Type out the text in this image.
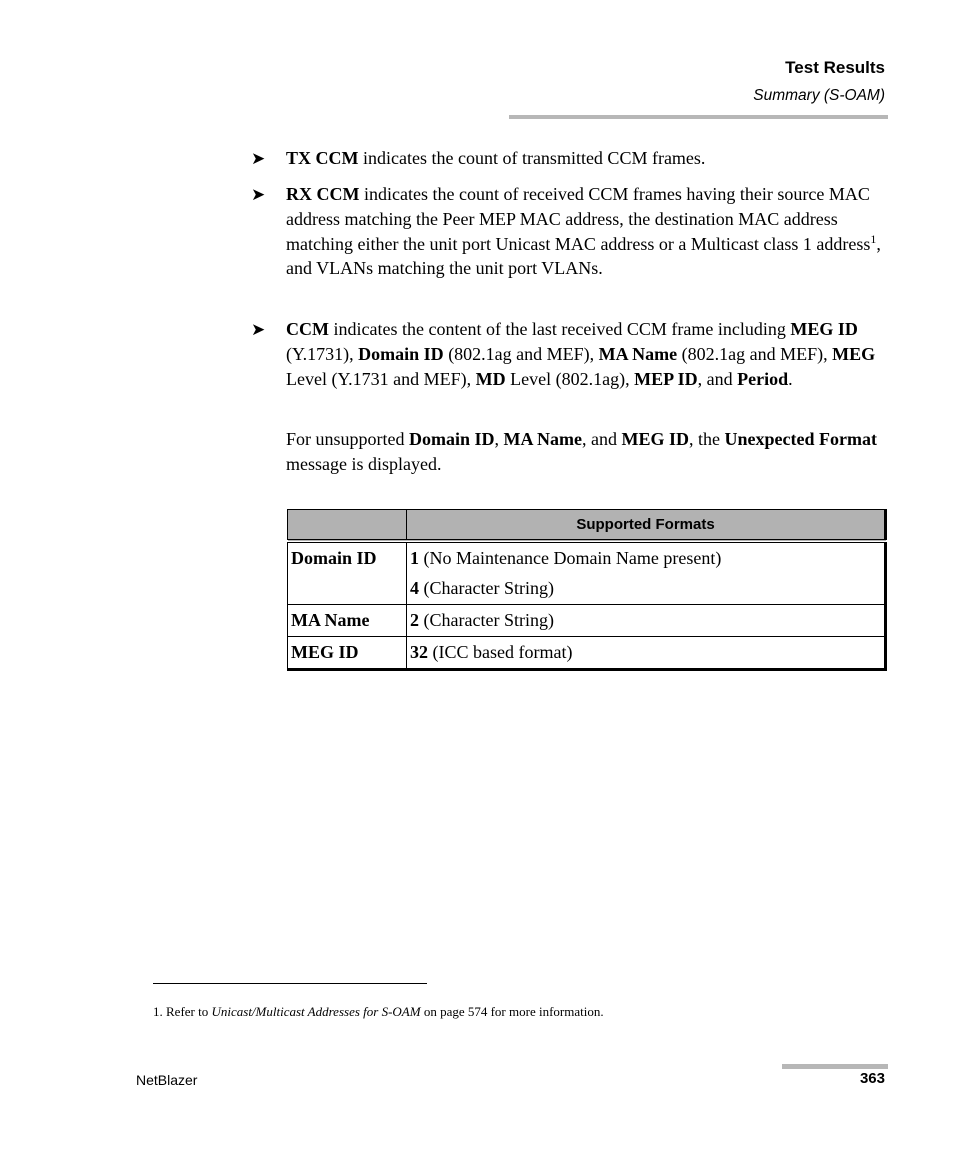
Test Results
Summary (S-OAM)
➤ TX CCM indicates the count of transmitted CCM frames.

➤ RX CCM indicates the count of received CCM frames having their source MAC address matching the Peer MEP MAC address, the destination MAC address matching either the unit port Unicast MAC address or a Multicast class 1 address$^1$, and VLANs matching the unit port VLANs.

➤ CCM indicates the content of the last received CCM frame including MEG ID (Y.1731), Domain ID (802.1ag and MEF), MA Name (802.1ag and MEF), MEG Level (Y.1731 and MEF), MD Level (802.1ag), MEP ID, and Period.

For unsupported Domain ID, MA Name, and MEG ID, the Unexpected Format message is displayed.

	Supported Formats
Domain ID	1 (No Maintenance Domain Name present)
4 (Character String)

MA Name	2 (Character String)

MEG ID	32 (ICC based format)
1. Refer to Unicast/Multicast Addresses for S-OAM on page 574 for more information.
NetBlazer	363
